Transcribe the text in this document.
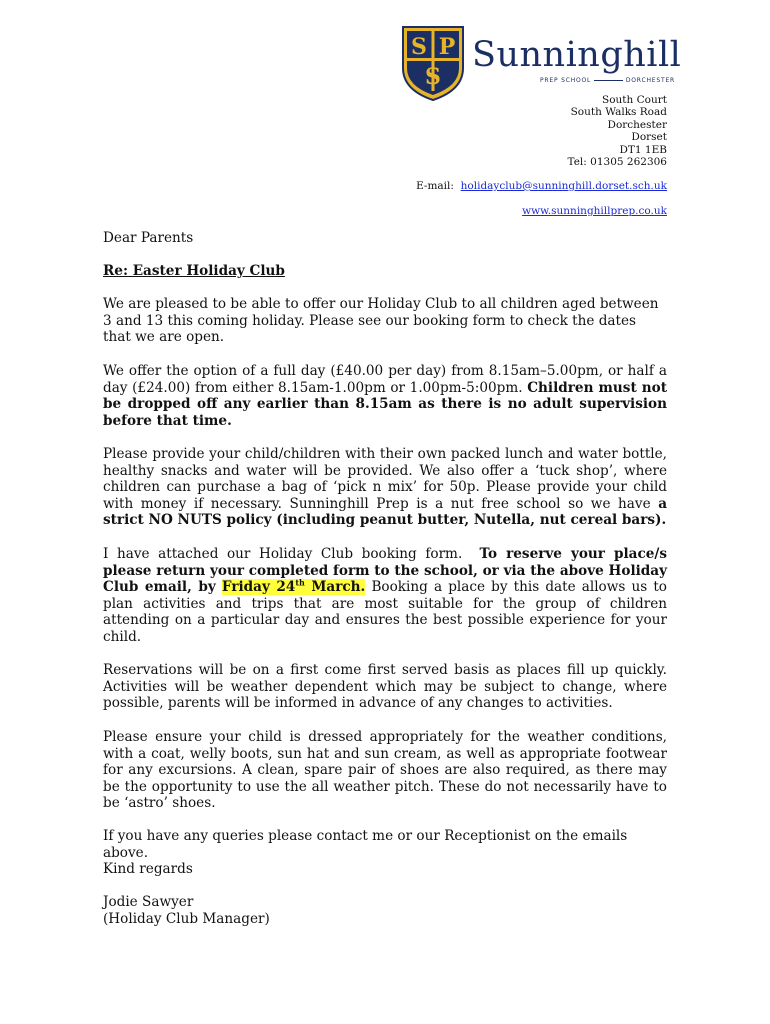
S P
S
Sunninghill
PREP SCHOOL	DORCHESTER
South Court
South Walks Road
Dorchester
Dorset
DT1 1EB
Tel: 01305 262306
E-mail: holidayclub@sunninghill.dorset.sch.uk
www.sunninghillprep.co.uk
Dear Parents
Re: Easter Holiday Club

We are pleased to be able to offer our Holiday Club to all children aged between 3 and 13 this coming holiday. Please see our booking form to check the dates that we are open.

We offer the option of a full day (£40.00 per day) from 8.15am–5.00pm, or half a day (£24.00) from either 8.15am-1.00pm or 1.00pm-5:00pm. Children must not be dropped off any earlier than 8.15am as there is no adult supervision before that time.

Please provide your child/children with their own packed lunch and water bottle, healthy snacks and water will be provided. We also offer a ‘tuck shop’, where children can purchase a bag of ‘pick n mix’ for 50p. Please provide your child with money if necessary. Sunninghill Prep is a nut free school so we have a strict NO NUTS policy (including peanut butter, Nutella, nut cereal bars).

I have attached our Holiday Club booking form. To reserve your place/s please return your completed form to the school, or via the above Holiday Club email, by Friday 24th March. Booking a place by this date allows us to plan activities and trips that are most suitable for the group of children attending on a particular day and ensures the best possible experience for your child.

Reservations will be on a first come first served basis as places fill up quickly. Activities will be weather dependent which may be subject to change, where possible, parents will be informed in advance of any changes to activities.

Please ensure your child is dressed appropriately for the weather conditions, with a coat, welly boots, sun hat and sun cream, as well as appropriate footwear for any excursions. A clean, spare pair of shoes are also required, as there may be the opportunity to use the all weather pitch. These do not necessarily have to be ‘astro’ shoes.

If you have any queries please contact me or our Receptionist on the emails above.

Kind regards

Jodie Sawyer

(Holiday Club Manager)
